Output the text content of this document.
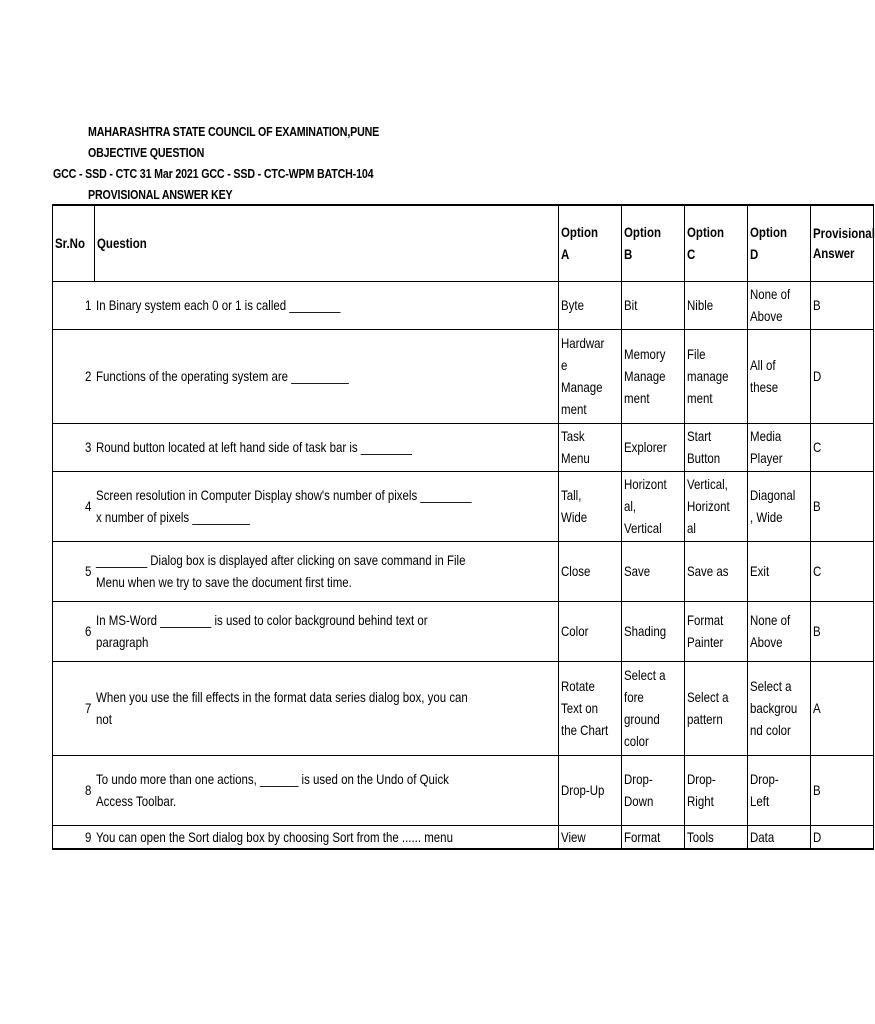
MAHARASHTRA STATE COUNCIL OF EXAMINATION,PUNE
OBJECTIVE QUESTION
GCC - SSD - CTC 31 Mar 2021 GCC - SSD - CTC-WPM BATCH-104
PROVISIONAL ANSWER KEY
Sr.No	Question	Option A	Option B	Option C	Option D	Provisional Answer
1	In Binary system each 0 or 1 is called ________	Byte	Bit	Nible	None of Above	B
2	Functions of the operating system are _________	Hardware Management	Memory Manage ment	File manage ment	All of these	D
3	Round button located at left hand side of task bar is ________	Task Menu	Explorer	Start Button	Media Player	C
4	Screen resolution in Computer Display show's number of pixels ________ x number of pixels _________	Tall, Wide	Horizontal, Vertical	Vertical, Horizontal	Diagonal, Wide	B
5	________ Dialog box is displayed after clicking on save command in File Menu when we try to save the document first time.	Close	Save	Save as	Exit	C
6	In MS-Word ________ is used to color background behind text or paragraph	Color	Shading	Format Painter	None of Above	B
7	When you use the fill effects in the format data series dialog box, you can not	Rotate Text on the Chart	Select a fore ground color	Select a pattern	Select a background color	A
8	To undo more than one actions, ______ is used on the Undo of Quick Access Toolbar.	Drop-Up	Drop-Down	Drop-Right	Drop-Left	B
9	You can open the Sort dialog box by choosing Sort from the ...... menu	View	Format	Tools	Data	D
